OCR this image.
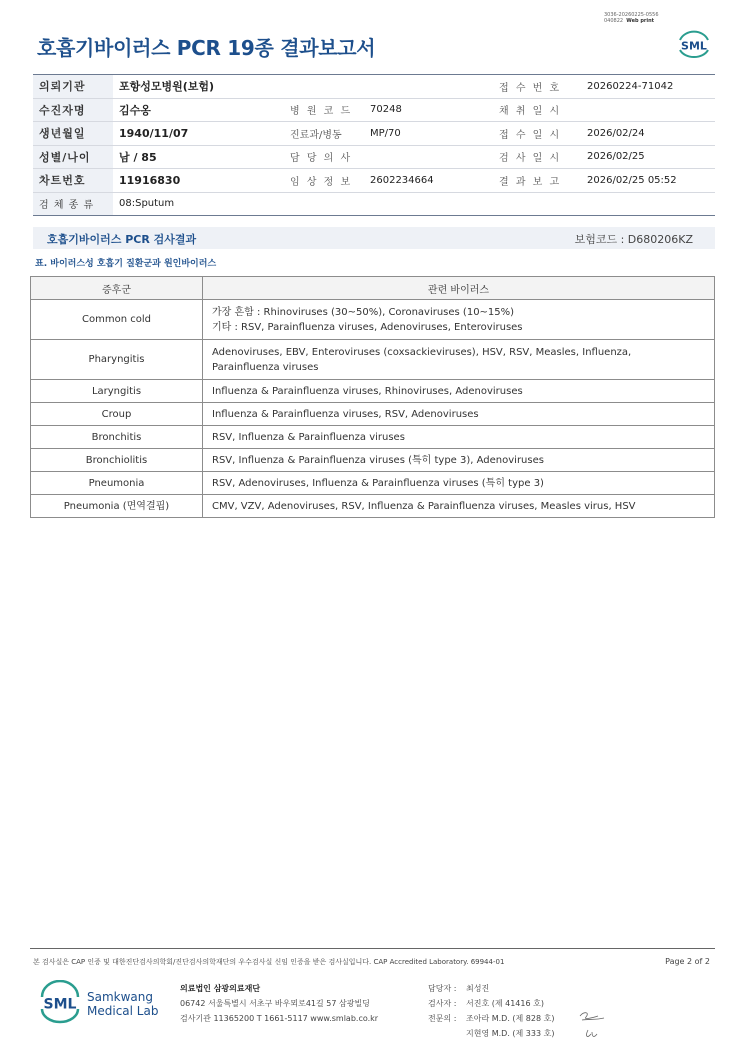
3036-20260225-0556
040822 Web print
호흡기바이러스 PCR 19종 결과보고서	SML
의뢰기관	포항성모병원(보험)			접 수 번 호	20260224-71042
수진자명	김수옹	병 원 코 드	70248	채 취 일 시	
생년월일	1940/11/07	진료과/병동	MP/70	접 수 일 시	2026/02/24
성별/나이	남 / 85	담 당 의 사		검 사 일 시	2026/02/25
차트번호	11916830	임 상 정 보	2602234664	결 과 보 고	2026/02/25 05:52
검 체 종 류	08:Sputum				
호흡기바이러스 PCR 검사결과	보험코드 : D680206KZ
표. 바이러스성 호흡기 질환군과 원인바이러스
증후군	관련 바이러스
Common cold	가장 흔함 : Rhinoviruses (30~50%), Coronaviruses (10~15%)
기타 : RSV, Parainfluenza viruses, Adenoviruses, Enteroviruses

Pharyngitis	Adenoviruses, EBV, Enteroviruses (coxsackieviruses), HSV, RSV, Measles, Influenza,
Parainfluenza viruses

Laryngitis	Influenza & Parainfluenza viruses, Rhinoviruses, Adenoviruses
Croup	Influenza & Parainfluenza viruses, RSV, Adenoviruses
Bronchitis	RSV, Influenza & Parainfluenza viruses
Bronchiolitis	RSV, Influenza & Parainfluenza viruses (특히 type 3), Adenoviruses
Pneumonia	RSV, Adenoviruses, Influenza & Parainfluenza viruses (특히 type 3)
Pneumonia (면역결핍)	CMV, VZV, Adenoviruses, RSV, Influenza & Parainfluenza viruses, Measles virus, HSV
본 검사실은 CAP 인증 및 대한진단검사의학회/진단검사의학재단의 우수검사실 신임 인증을 받은 검사실입니다. CAP Accredited Laboratory. 69944-01	Page 2 of 2
SML Samkwang
Medical Lab
의료법인 삼광의료재단
06742 서울특별시 서초구 바우뫼로41길 57 삼광빌딩
검사기관 11365200 T 1661-5117 www.smlab.co.kr
담당자 : 최성진
검사자 : 서진호 (제 41416 호)
전문의 : 조아라 M.D. (제 828 호)
지현영 M.D. (제 333 호)
